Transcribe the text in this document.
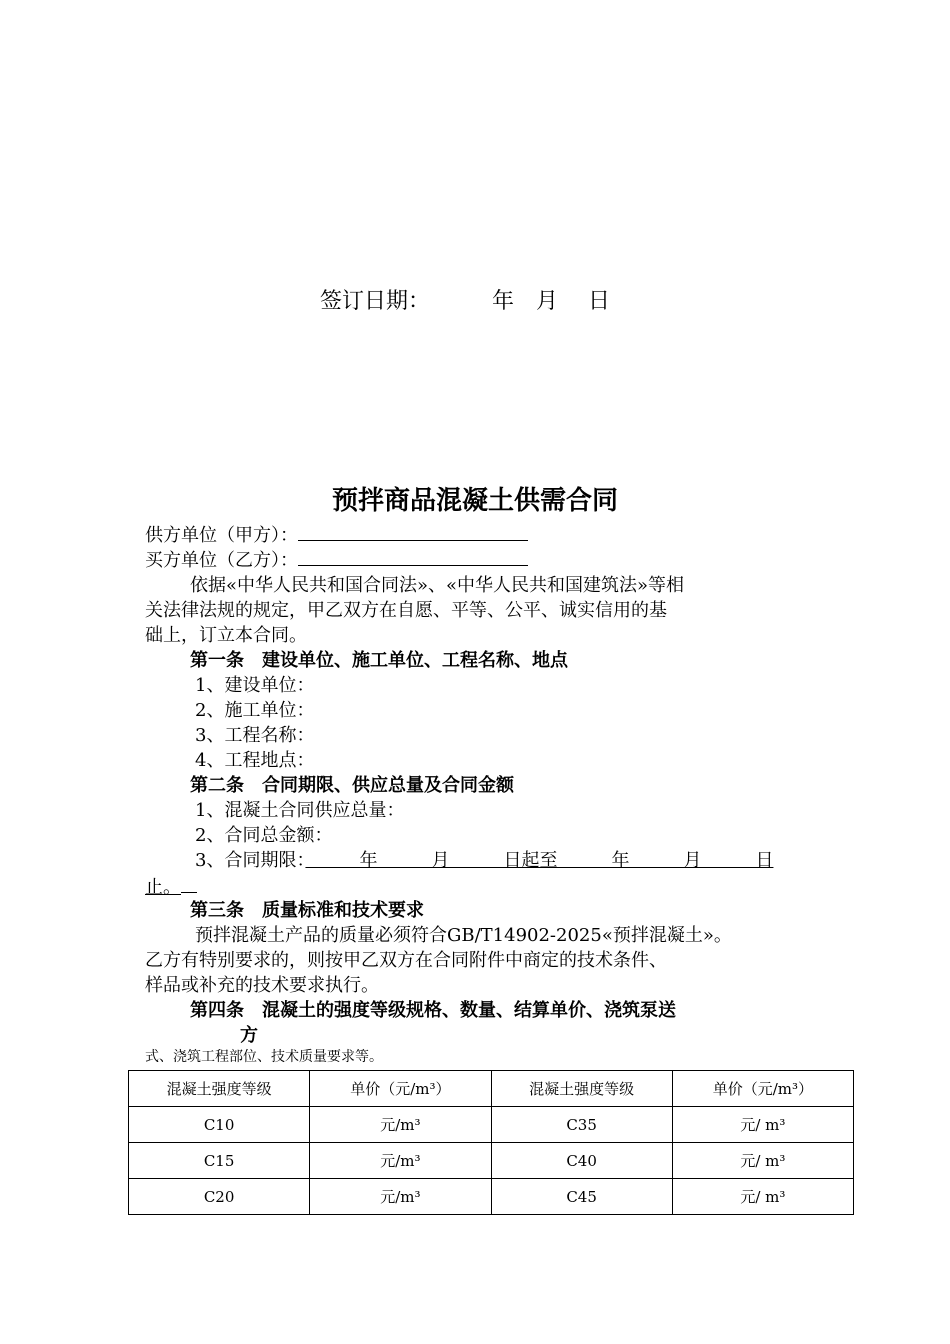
签订日期：	年 月 日
预拌商品混凝土供需合同
供方单位（甲方）：
买方单位（乙方）：
依据«中华人民共和国合同法»、«中华人民共和国建筑法»等相
关法律法规的规定，甲乙双方在自愿、平等、公平、诚实信用的基
础上，订立本合同。
第一条　建设单位、施工单位、工程名称、地点
1、建设单位：
2、施工单位：
3、工程名称：
4、工程地点：
第二条　合同期限、供应总量及合同金额
1、混凝土合同供应总量：
2、合同总金额：
3、合同期限：　　　年　　　月　　　日起至　　　年　　　月　　　日
止。
第三条　质量标准和技术要求
预拌混凝土产品的质量必须符合GB/T14902-2025«预拌混凝土»。
乙方有特别要求的，则按甲乙双方在合同附件中商定的技术条件、
样品或补充的技术要求执行。
第四条　混凝土的强度等级规格、数量、结算单价、浇筑泵送
方
式、浇筑工程部位、技术质量要求等。
混凝土强度等级	单价（元/m³）	混凝土强度等级	单价（元/m³）
C10	元/m³	C35	元/ m³
C15	元/m³	C40	元/ m³
C20	元/m³	C45	元/ m³
